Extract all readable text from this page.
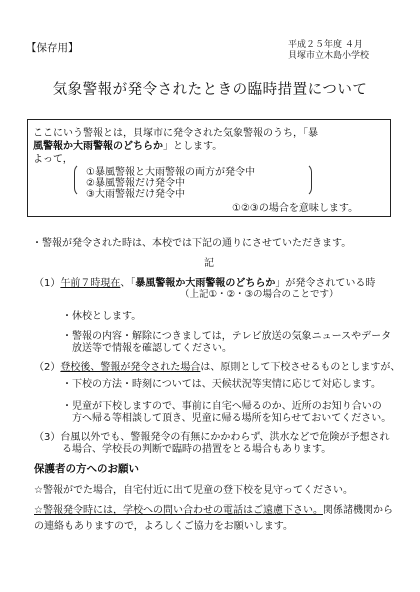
【保存用】	平成２５年度 ４月
貝塚市立木島小学校
気象警報が発令されたときの臨時措置について
ここにいう警報とは，貝塚市に発令された気象警報のうち，「暴
風警報か大雨警報のどちらか」とします。
よって，
①暴風警報と大雨警報の両方が発令中
②暴風警報だけ発令中
③大雨警報だけ発令中
①②③の場合を意味します。
・警報が発令された時は、本校では下記の通りにさせていただきます。
記
（1）午前７時現在、「暴風警報か大雨警報のどちらか」が発令されている時
（上記①・②・③の場合のことです）
・休校とします。
・警報の内容・解除につきましては，テレビ放送の気象ニュースやデータ
放送等で情報を確認してください。
（2）登校後、警報が発令された場合は、原則として下校させるものとしますが、
・下校の方法・時刻については、天候状況等実情に応じて対応します。
・児童が下校しますので、事前に自宅へ帰るのか、近所のお知り合いの
方へ帰る等相談して頂き、児童に帰る場所を知らせておいてください。
（3）台風以外でも、警報発令の有無にかかわらず、洪水などで危険が予想され
る場合、学校長の判断で臨時の措置をとる場合もあります。
保護者の方へのお願い
☆警報がでた場合，自宅付近に出て児童の登下校を見守ってください。
☆警報発令時には，学校への問い合わせの電話はご遠慮下さい。関係諸機関から
の連絡もありますので，よろしくご協力をお願いします。
